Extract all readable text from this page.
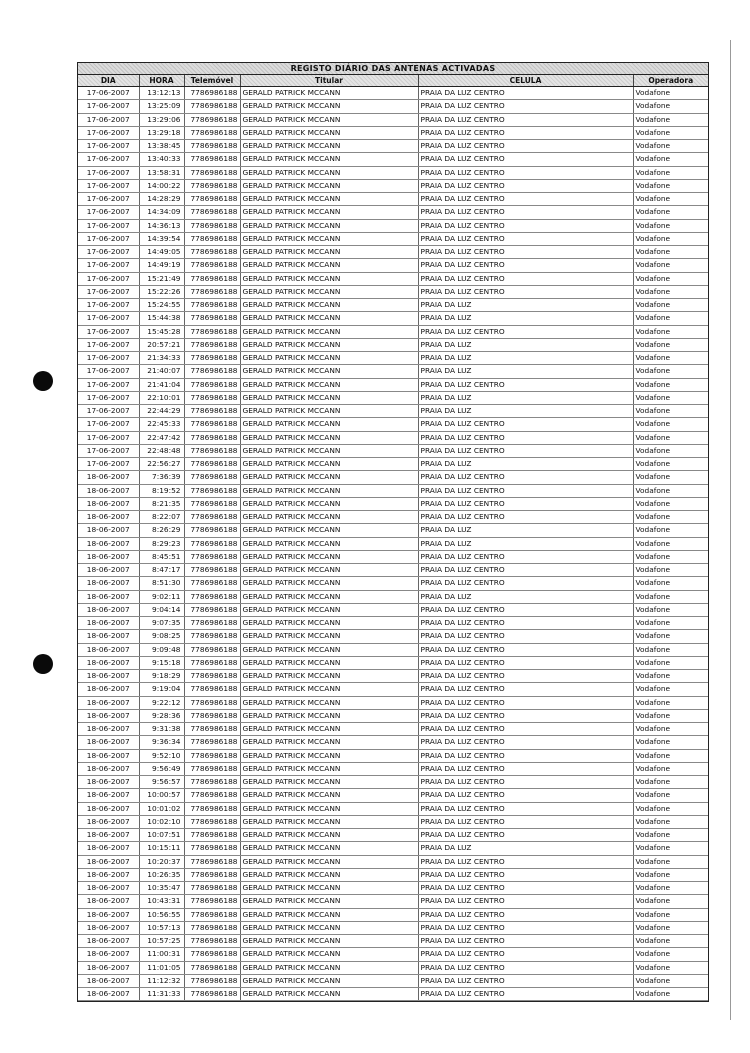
REGISTO DIÁRIO DAS ANTENAS ACTIVADAS
DIA	HORA	Telemóvel	Titular	CELULA	Operadora
17-06-2007	13:12:13	7786986188	GERALD PATRICK MCCANN	PRAIA DA LUZ CENTRO	Vodafone
17-06-2007	13:25:09	7786986188	GERALD PATRICK MCCANN	PRAIA DA LUZ CENTRO	Vodafone
17-06-2007	13:29:06	7786986188	GERALD PATRICK MCCANN	PRAIA DA LUZ CENTRO	Vodafone
17-06-2007	13:29:18	7786986188	GERALD PATRICK MCCANN	PRAIA DA LUZ CENTRO	Vodafone
17-06-2007	13:38:45	7786986188	GERALD PATRICK MCCANN	PRAIA DA LUZ CENTRO	Vodafone
17-06-2007	13:40:33	7786986188	GERALD PATRICK MCCANN	PRAIA DA LUZ CENTRO	Vodafone
17-06-2007	13:58:31	7786986188	GERALD PATRICK MCCANN	PRAIA DA LUZ CENTRO	Vodafone
17-06-2007	14:00:22	7786986188	GERALD PATRICK MCCANN	PRAIA DA LUZ CENTRO	Vodafone
17-06-2007	14:28:29	7786986188	GERALD PATRICK MCCANN	PRAIA DA LUZ CENTRO	Vodafone
17-06-2007	14:34:09	7786986188	GERALD PATRICK MCCANN	PRAIA DA LUZ CENTRO	Vodafone
17-06-2007	14:36:13	7786986188	GERALD PATRICK MCCANN	PRAIA DA LUZ CENTRO	Vodafone
17-06-2007	14:39:54	7786986188	GERALD PATRICK MCCANN	PRAIA DA LUZ CENTRO	Vodafone
17-06-2007	14:49:05	7786986188	GERALD PATRICK MCCANN	PRAIA DA LUZ CENTRO	Vodafone
17-06-2007	14:49:19	7786986188	GERALD PATRICK MCCANN	PRAIA DA LUZ CENTRO	Vodafone
17-06-2007	15:21:49	7786986188	GERALD PATRICK MCCANN	PRAIA DA LUZ CENTRO	Vodafone
17-06-2007	15:22:26	7786986188	GERALD PATRICK MCCANN	PRAIA DA LUZ CENTRO	Vodafone
17-06-2007	15:24:55	7786986188	GERALD PATRICK MCCANN	PRAIA DA LUZ	Vodafone
17-06-2007	15:44:38	7786986188	GERALD PATRICK MCCANN	PRAIA DA LUZ	Vodafone
17-06-2007	15:45:28	7786986188	GERALD PATRICK MCCANN	PRAIA DA LUZ CENTRO	Vodafone
17-06-2007	20:57:21	7786986188	GERALD PATRICK MCCANN	PRAIA DA LUZ	Vodafone
17-06-2007	21:34:33	7786986188	GERALD PATRICK MCCANN	PRAIA DA LUZ	Vodafone
17-06-2007	21:40:07	7786986188	GERALD PATRICK MCCANN	PRAIA DA LUZ	Vodafone
17-06-2007	21:41:04	7786986188	GERALD PATRICK MCCANN	PRAIA DA LUZ CENTRO	Vodafone
17-06-2007	22:10:01	7786986188	GERALD PATRICK MCCANN	PRAIA DA LUZ	Vodafone
17-06-2007	22:44:29	7786986188	GERALD PATRICK MCCANN	PRAIA DA LUZ	Vodafone
17-06-2007	22:45:33	7786986188	GERALD PATRICK MCCANN	PRAIA DA LUZ CENTRO	Vodafone
17-06-2007	22:47:42	7786986188	GERALD PATRICK MCCANN	PRAIA DA LUZ CENTRO	Vodafone
17-06-2007	22:48:48	7786986188	GERALD PATRICK MCCANN	PRAIA DA LUZ CENTRO	Vodafone
17-06-2007	22:56:27	7786986188	GERALD PATRICK MCCANN	PRAIA DA LUZ	Vodafone
18-06-2007	7:36:39	7786986188	GERALD PATRICK MCCANN	PRAIA DA LUZ CENTRO	Vodafone
18-06-2007	8:19:52	7786986188	GERALD PATRICK MCCANN	PRAIA DA LUZ CENTRO	Vodafone
18-06-2007	8:21:35	7786986188	GERALD PATRICK MCCANN	PRAIA DA LUZ CENTRO	Vodafone
18-06-2007	8:22:07	7786986188	GERALD PATRICK MCCANN	PRAIA DA LUZ CENTRO	Vodafone
18-06-2007	8:26:29	7786986188	GERALD PATRICK MCCANN	PRAIA DA LUZ	Vodafone
18-06-2007	8:29:23	7786986188	GERALD PATRICK MCCANN	PRAIA DA LUZ	Vodafone
18-06-2007	8:45:51	7786986188	GERALD PATRICK MCCANN	PRAIA DA LUZ CENTRO	Vodafone
18-06-2007	8:47:17	7786986188	GERALD PATRICK MCCANN	PRAIA DA LUZ CENTRO	Vodafone
18-06-2007	8:51:30	7786986188	GERALD PATRICK MCCANN	PRAIA DA LUZ CENTRO	Vodafone
18-06-2007	9:02:11	7786986188	GERALD PATRICK MCCANN	PRAIA DA LUZ	Vodafone
18-06-2007	9:04:14	7786986188	GERALD PATRICK MCCANN	PRAIA DA LUZ CENTRO	Vodafone
18-06-2007	9:07:35	7786986188	GERALD PATRICK MCCANN	PRAIA DA LUZ CENTRO	Vodafone
18-06-2007	9:08:25	7786986188	GERALD PATRICK MCCANN	PRAIA DA LUZ CENTRO	Vodafone
18-06-2007	9:09:48	7786986188	GERALD PATRICK MCCANN	PRAIA DA LUZ CENTRO	Vodafone
18-06-2007	9:15:18	7786986188	GERALD PATRICK MCCANN	PRAIA DA LUZ CENTRO	Vodafone
18-06-2007	9:18:29	7786986188	GERALD PATRICK MCCANN	PRAIA DA LUZ CENTRO	Vodafone
18-06-2007	9:19:04	7786986188	GERALD PATRICK MCCANN	PRAIA DA LUZ CENTRO	Vodafone
18-06-2007	9:22:12	7786986188	GERALD PATRICK MCCANN	PRAIA DA LUZ CENTRO	Vodafone
18-06-2007	9:28:36	7786986188	GERALD PATRICK MCCANN	PRAIA DA LUZ CENTRO	Vodafone
18-06-2007	9:31:38	7786986188	GERALD PATRICK MCCANN	PRAIA DA LUZ CENTRO	Vodafone
18-06-2007	9:36:34	7786986188	GERALD PATRICK MCCANN	PRAIA DA LUZ CENTRO	Vodafone
18-06-2007	9:52:10	7786986188	GERALD PATRICK MCCANN	PRAIA DA LUZ CENTRO	Vodafone
18-06-2007	9:56:49	7786986188	GERALD PATRICK MCCANN	PRAIA DA LUZ CENTRO	Vodafone
18-06-2007	9:56:57	7786986188	GERALD PATRICK MCCANN	PRAIA DA LUZ CENTRO	Vodafone
18-06-2007	10:00:57	7786986188	GERALD PATRICK MCCANN	PRAIA DA LUZ CENTRO	Vodafone
18-06-2007	10:01:02	7786986188	GERALD PATRICK MCCANN	PRAIA DA LUZ CENTRO	Vodafone
18-06-2007	10:02:10	7786986188	GERALD PATRICK MCCANN	PRAIA DA LUZ CENTRO	Vodafone
18-06-2007	10:07:51	7786986188	GERALD PATRICK MCCANN	PRAIA DA LUZ CENTRO	Vodafone
18-06-2007	10:15:11	7786986188	GERALD PATRICK MCCANN	PRAIA DA LUZ	Vodafone
18-06-2007	10:20:37	7786986188	GERALD PATRICK MCCANN	PRAIA DA LUZ CENTRO	Vodafone
18-06-2007	10:26:35	7786986188	GERALD PATRICK MCCANN	PRAIA DA LUZ CENTRO	Vodafone
18-06-2007	10:35:47	7786986188	GERALD PATRICK MCCANN	PRAIA DA LUZ CENTRO	Vodafone
18-06-2007	10:43:31	7786986188	GERALD PATRICK MCCANN	PRAIA DA LUZ CENTRO	Vodafone
18-06-2007	10:56:55	7786986188	GERALD PATRICK MCCANN	PRAIA DA LUZ CENTRO	Vodafone
18-06-2007	10:57:13	7786986188	GERALD PATRICK MCCANN	PRAIA DA LUZ CENTRO	Vodafone
18-06-2007	10:57:25	7786986188	GERALD PATRICK MCCANN	PRAIA DA LUZ CENTRO	Vodafone
18-06-2007	11:00:31	7786986188	GERALD PATRICK MCCANN	PRAIA DA LUZ CENTRO	Vodafone
18-06-2007	11:01:05	7786986188	GERALD PATRICK MCCANN	PRAIA DA LUZ CENTRO	Vodafone
18-06-2007	11:12:32	7786986188	GERALD PATRICK MCCANN	PRAIA DA LUZ CENTRO	Vodafone
18-06-2007	11:31:33	7786986188	GERALD PATRICK MCCANN	PRAIA DA LUZ CENTRO	Vodafone
